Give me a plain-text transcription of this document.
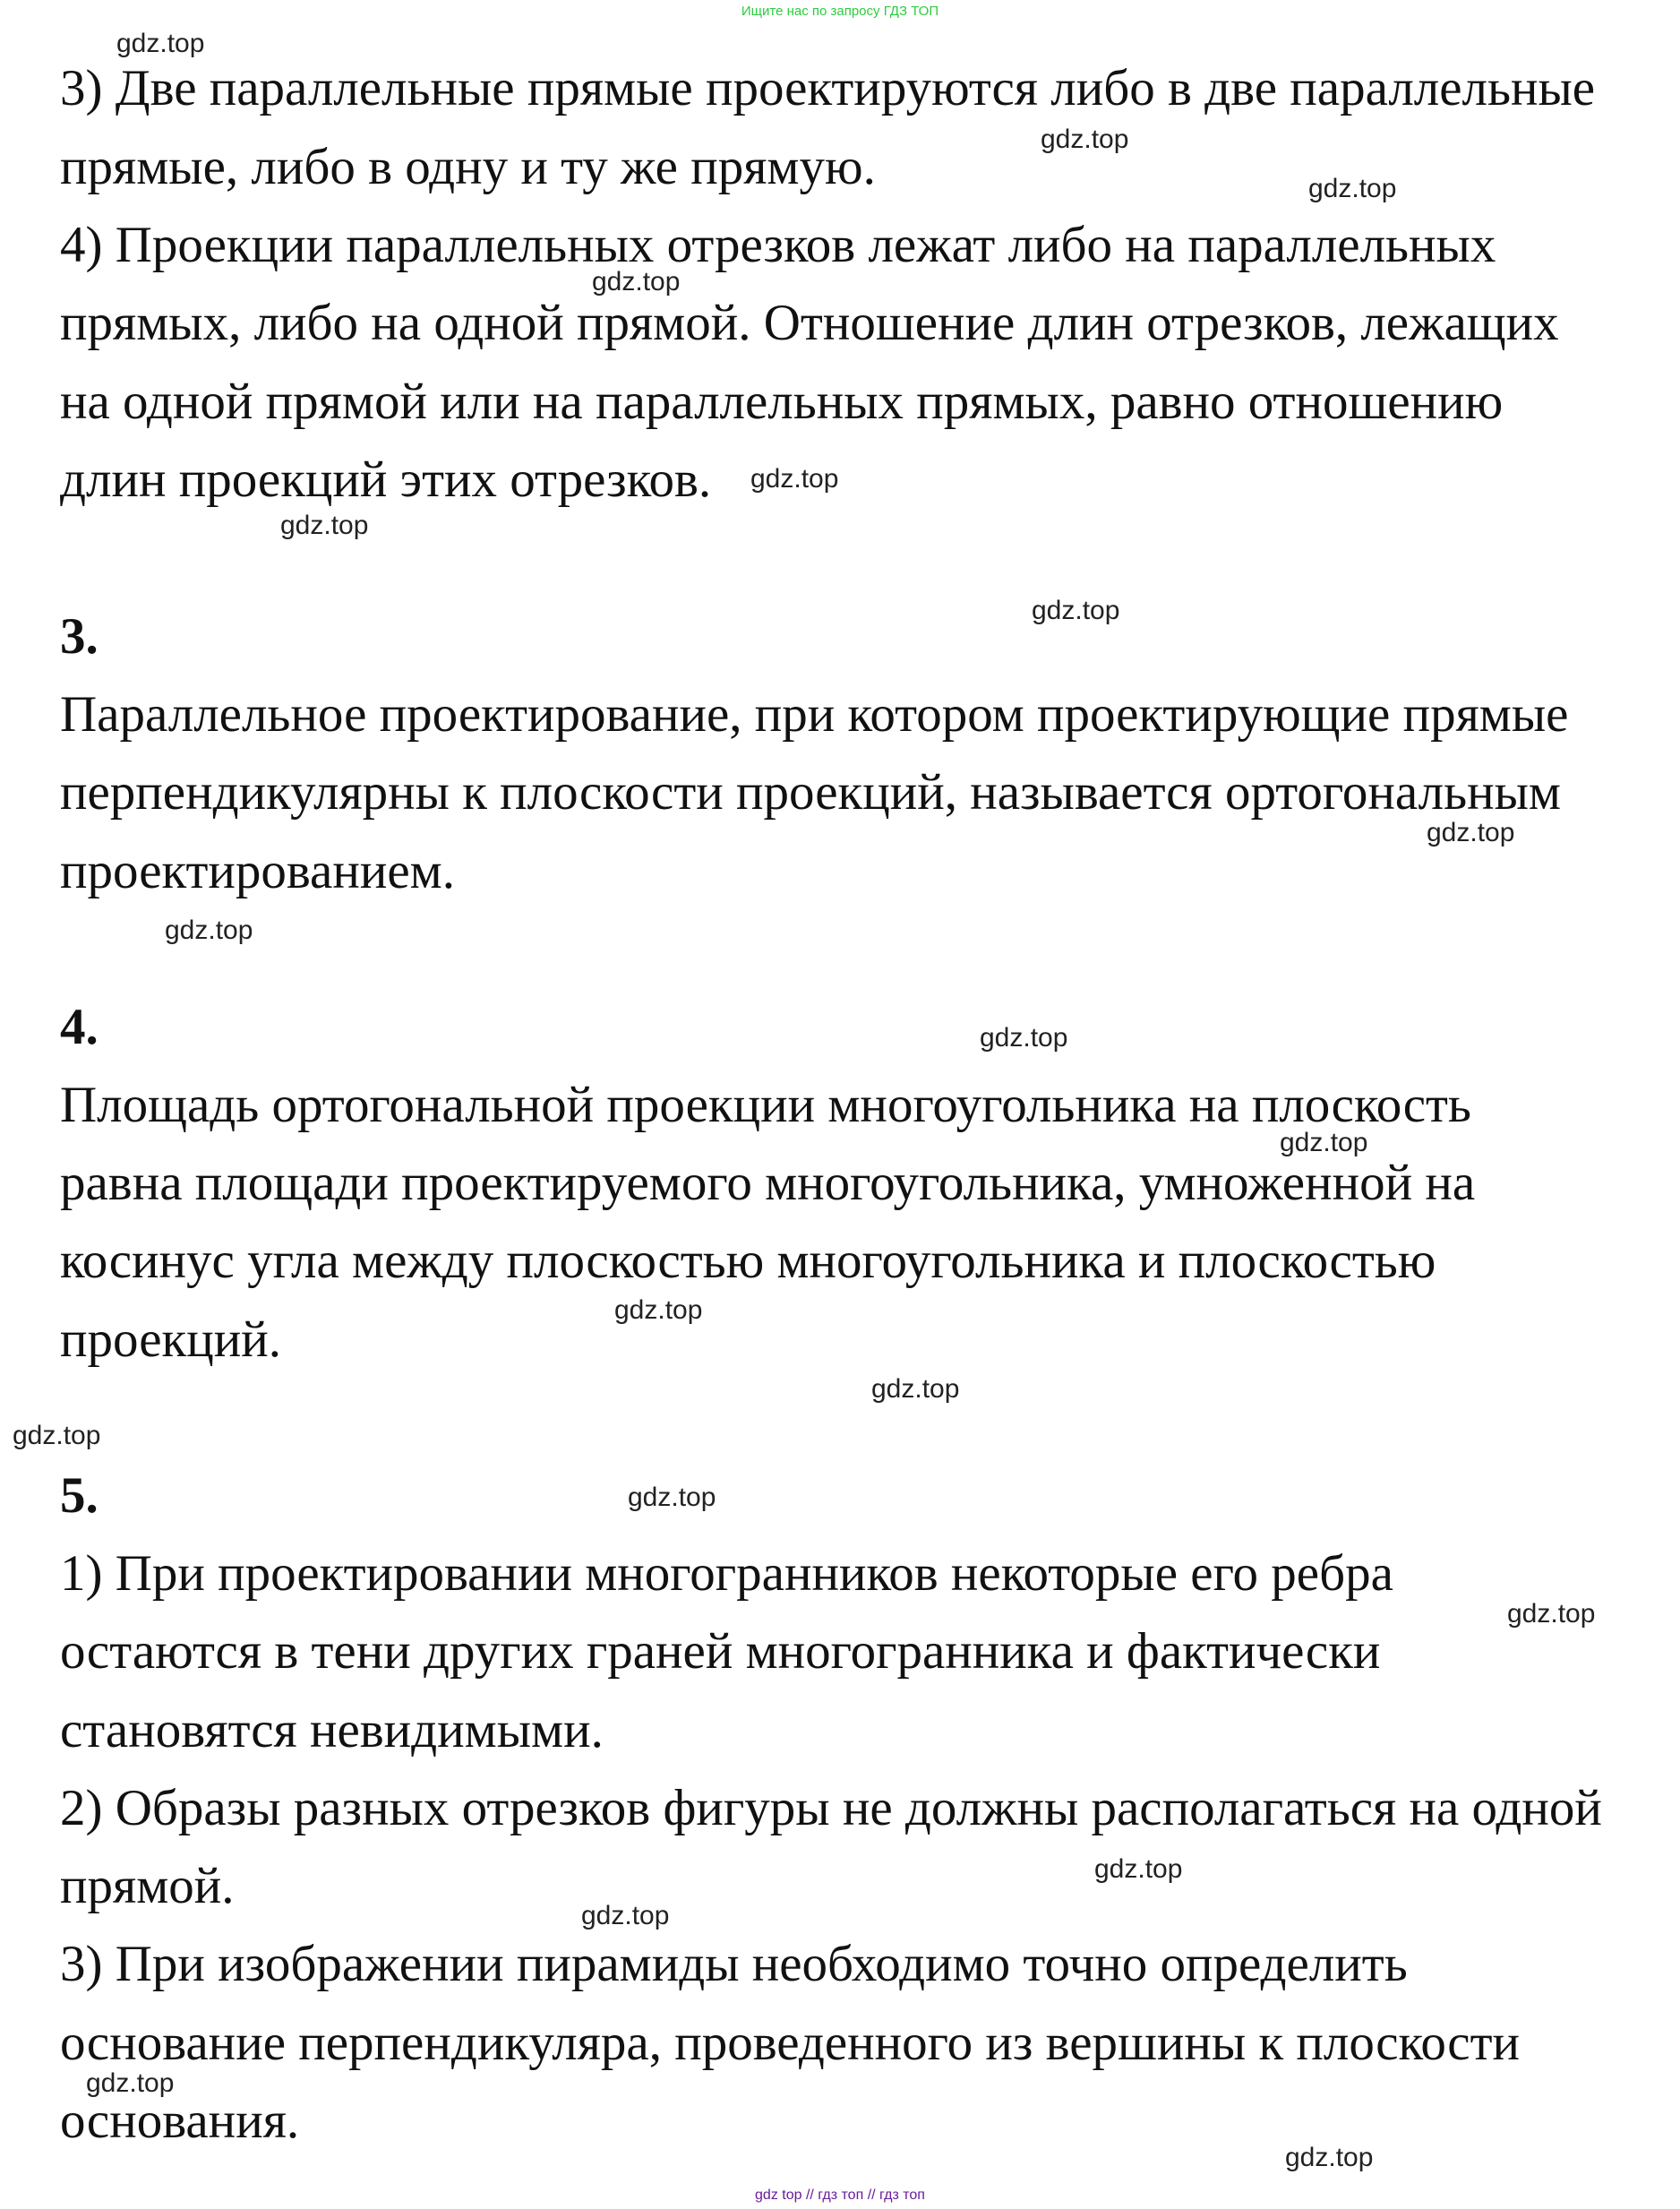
Ищите нас по запросу ГДЗ ТОП
3) Две параллельные прямые проектируются либо в две параллельные
прямые, либо в одну и ту же прямую.
4) Проекции параллельных отрезков лежат либо на параллельных
прямых, либо на одной прямой. Отношение длин отрезков, лежащих
на одной прямой или на параллельных прямых, равно отношению
длин проекций этих отрезков.
3.
Параллельное проектирование, при котором проектирующие прямые
перпендикулярны к плоскости проекций, называется ортогональным
проектированием.
4.
Площадь ортогональной проекции многоугольника на плоскость
равна площади проектируемого многоугольника, умноженной на
косинус угла между плоскостью многоугольника и плоскостью
проекций.
5.
1) При проектировании многогранников некоторые его ребра
остаются в тени других граней многогранника и фактически
становятся невидимыми.
2) Образы разных отрезков фигуры не должны располагаться на одной
прямой.
3) При изображении пирамиды необходимо точно определить
основание перпендикуляра, проведенного из вершины к плоскости
основания.
gdz.top
gdz.top
gdz.top
gdz.top
gdz.top
gdz.top
gdz.top
gdz.top
gdz.top
gdz.top
gdz.top
gdz.top
gdz.top
gdz.top
gdz.top
gdz.top
gdz.top
gdz.top
gdz.top
gdz.top
gdz top // гдз топ // гдз топ
